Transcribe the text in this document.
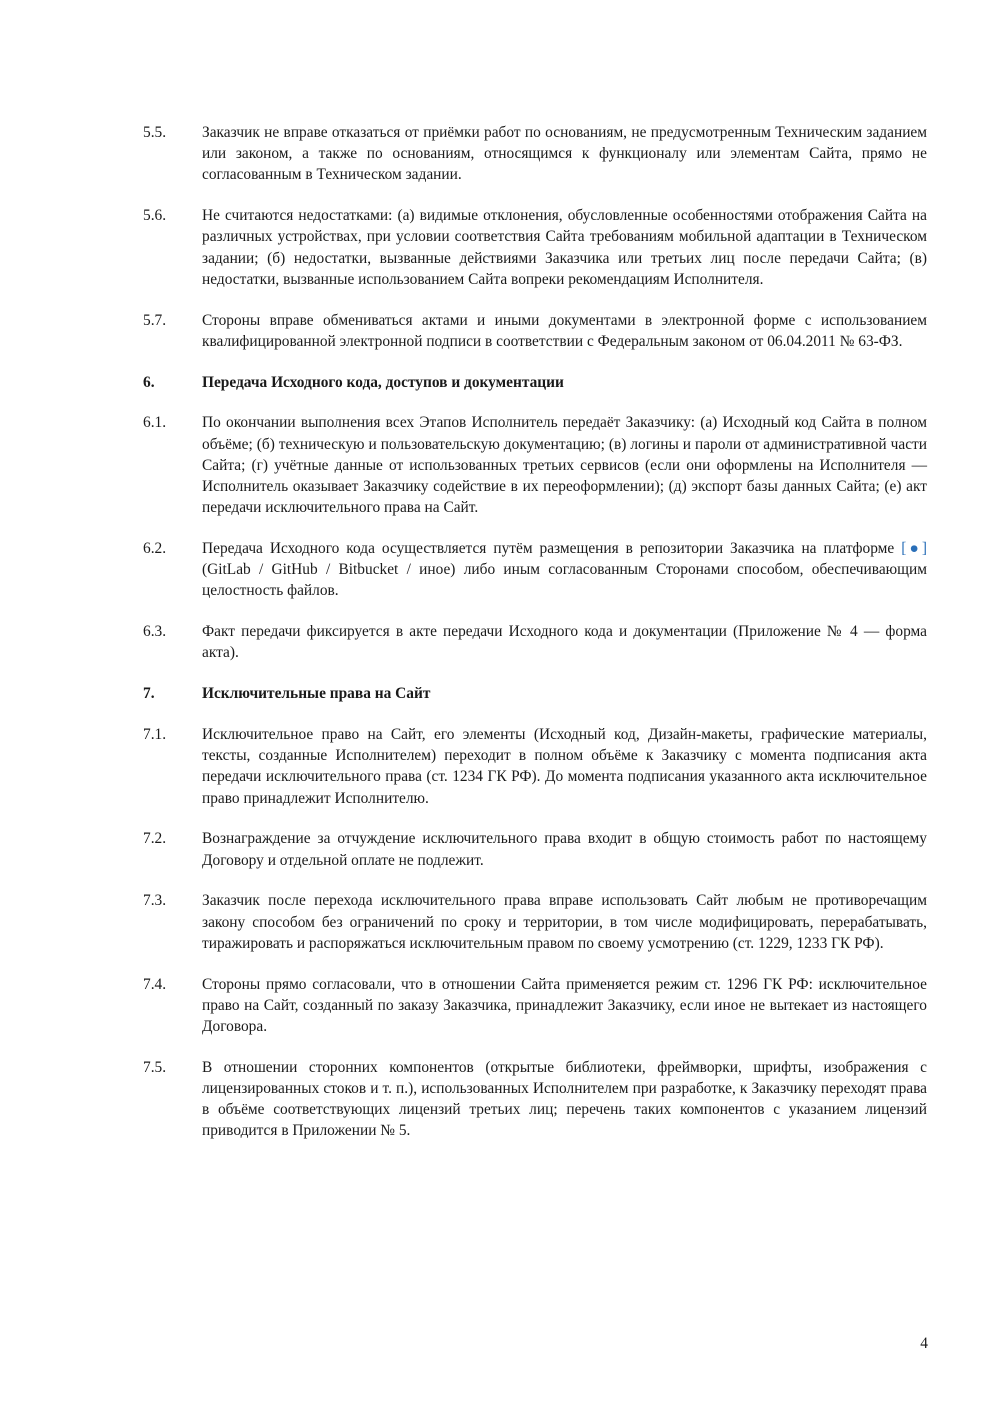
5.5.	Заказчик не вправе отказаться от приёмки работ по основаниям, не предусмотренным Техническим заданием или законом, а также по основаниям, относящимся к функционалу или элементам Сайта, прямо не согласованным в Техническом задании.
5.6.	Не считаются недостатками: (а) видимые отклонения, обусловленные особенностями отображения Сайта на различных устройствах, при условии соответствия Сайта требованиям мобильной адаптации в Техническом задании; (б) недостатки, вызванные действиями Заказчика или третьих лиц после передачи Сайта; (в) недостатки, вызванные использованием Сайта вопреки рекомендациям Исполнителя.
5.7.	Стороны вправе обмениваться актами и иными документами в электронной форме с использованием квалифицированной электронной подписи в соответствии с Федеральным законом от 06.04.2011 № 63-ФЗ.
6.	Передача Исходного кода, доступов и документации
6.1.	По окончании выполнения всех Этапов Исполнитель передаёт Заказчику: (а) Исходный код Сайта в полном объёме; (б) техническую и пользовательскую документацию; (в) логины и пароли от административной части Сайта; (г) учётные данные от использованных третьих сервисов (если они оформлены на Исполнителя — Исполнитель оказывает Заказчику содействие в их переоформлении); (д) экспорт базы данных Сайта; (е) акт передачи исключительного права на Сайт.
6.2.	Передача Исходного кода осуществляется путём размещения в репозитории Заказчика на платформе [●] (GitLab / GitHub / Bitbucket / иное) либо иным согласованным Сторонами способом, обеспечивающим целостность файлов.
6.3.	Факт передачи фиксируется в акте передачи Исходного кода и документации (Приложение № 4 — форма акта).
7.	Исключительные права на Сайт
7.1.	Исключительное право на Сайт, его элементы (Исходный код, Дизайн-макеты, графические материалы, тексты, созданные Исполнителем) переходит в полном объёме к Заказчику с момента подписания акта передачи исключительного права (ст. 1234 ГК РФ). До момента подписания указанного акта исключительное право принадлежит Исполнителю.
7.2.	Вознаграждение за отчуждение исключительного права входит в общую стоимость работ по настоящему Договору и отдельной оплате не подлежит.
7.3.	Заказчик после перехода исключительного права вправе использовать Сайт любым не противоречащим закону способом без ограничений по сроку и территории, в том числе модифицировать, перерабатывать, тиражировать и распоряжаться исключительным правом по своему усмотрению (ст. 1229, 1233 ГК РФ).
7.4.	Стороны прямо согласовали, что в отношении Сайта применяется режим ст. 1296 ГК РФ: исключительное право на Сайт, созданный по заказу Заказчика, принадлежит Заказчику, если иное не вытекает из настоящего Договора.
7.5.	В отношении сторонних компонентов (открытые библиотеки, фреймворки, шрифты, изображения с лицензированных стоков и т. п.), использованных Исполнителем при разработке, к Заказчику переходят права в объёме соответствующих лицензий третьих лиц; перечень таких компонентов с указанием лицензий приводится в Приложении № 5.
4
